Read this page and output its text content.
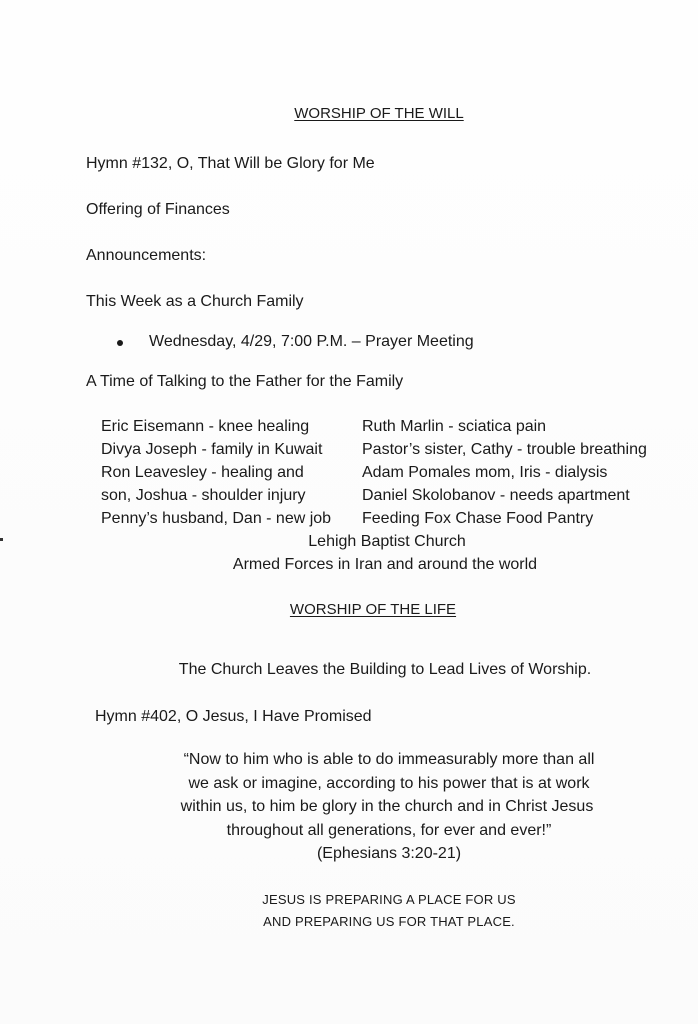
WORSHIP OF THE WILL
Hymn #132, O, That Will be Glory for Me
Offering of Finances
Announcements:
This Week as a Church Family
Wednesday, 4/29, 7:00 P.M. – Prayer Meeting
A Time of Talking to the Father for the Family
Eric Eisemann - knee healing
Divya Joseph - family in Kuwait
Ron Leavesley - healing and
son, Joshua - shoulder injury
Penny’s husband, Dan - new job
Ruth Marlin - sciatica pain
Pastor’s sister, Cathy - trouble breathing
Adam Pomales mom, Iris - dialysis
Daniel Skolobanov - needs apartment
Feeding Fox Chase Food Pantry
Lehigh Baptist Church
Armed Forces in Iran and around the world
WORSHIP OF THE LIFE
The Church Leaves the Building to Lead Lives of Worship.
Hymn #402, O Jesus, I Have Promised
“Now to him who is able to do immeasurably more than all
we ask or imagine, according to his power that is at work
within us, to him be glory in the church and in Christ Jesus
throughout all generations, for ever and ever!”
(Ephesians 3:20-21)
JESUS IS PREPARING A PLACE FOR US
AND PREPARING US FOR THAT PLACE.
